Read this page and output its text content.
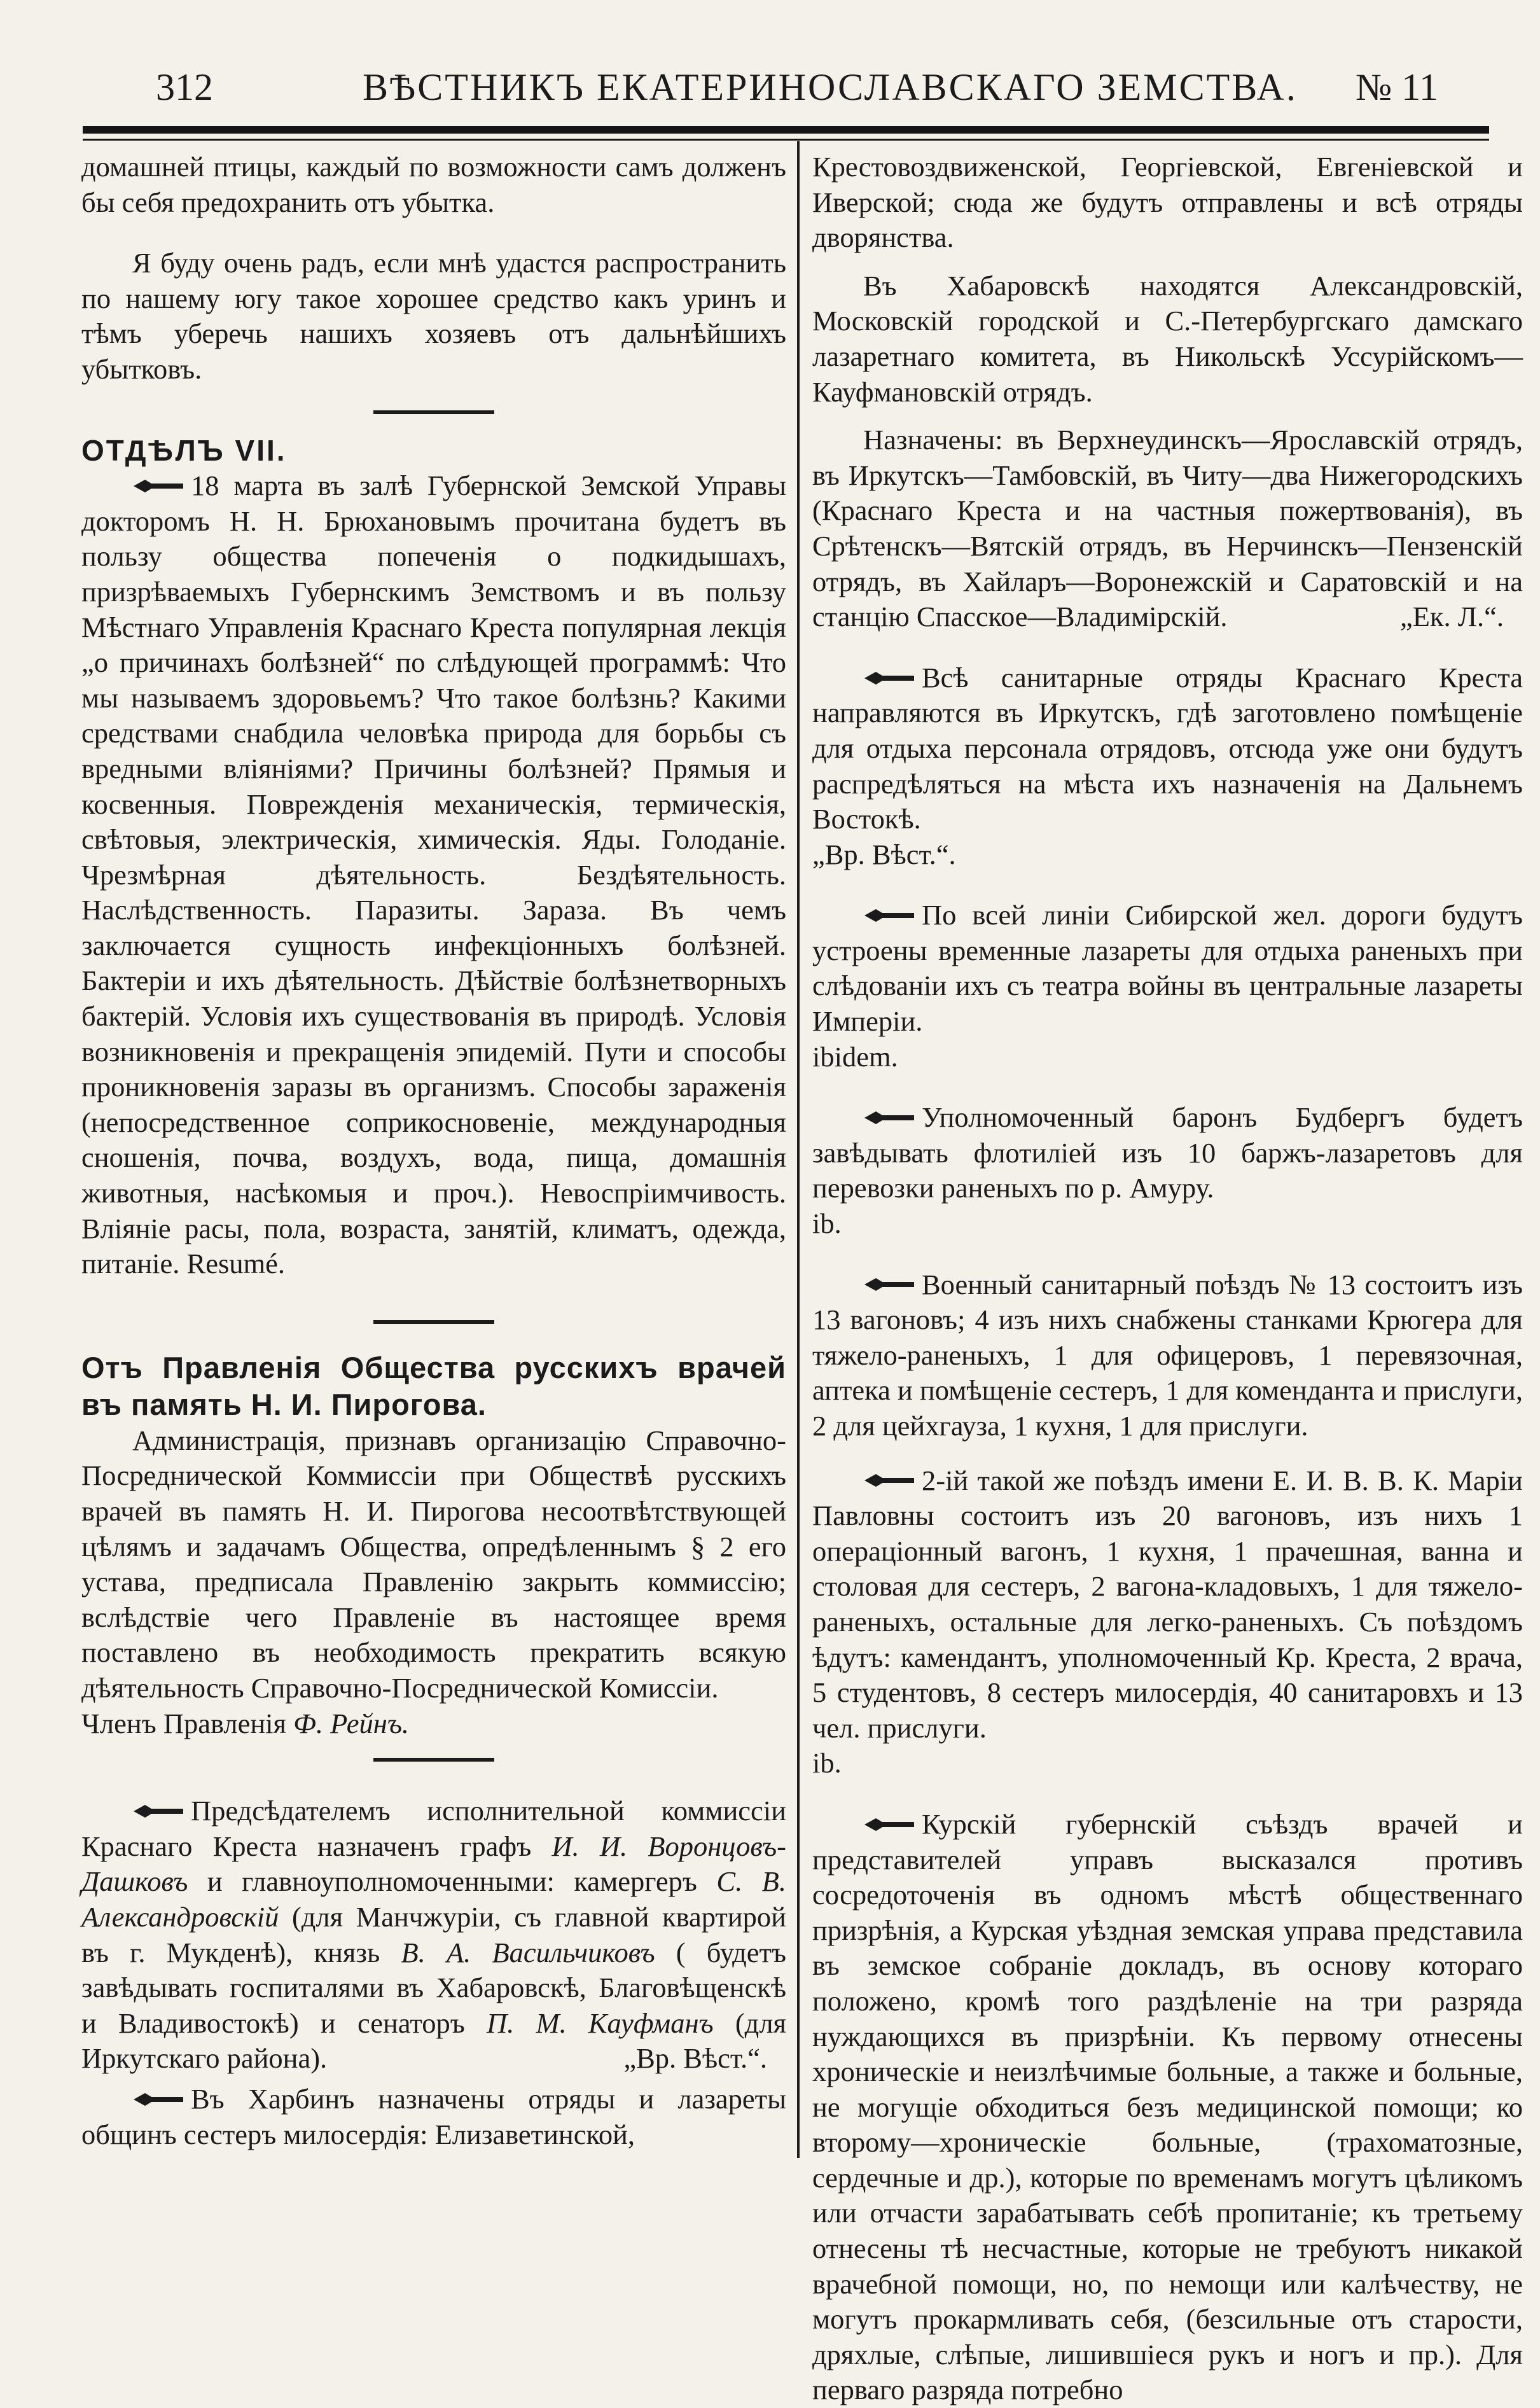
312	ВѢСТНИКЪ ЕКАТЕРИНОСЛАВСКАГО ЗЕМСТВА. № 11

домашней птицы, каждый по возможности самъ долженъ бы себя предохранить отъ убытка.

Я буду очень радъ, если мнѣ удастся распространить по нашему югу такое хорошее средство какъ уринъ и тѣмъ уберечь нашихъ хозяевъ отъ дальнѣйшихъ убытковъ.

ОТДѢЛЪ VII.

18 марта въ залѣ Губернской Земской Управы докторомъ Н. Н. Брюхановымъ прочитана будетъ въ пользу общества попеченія о подкидышахъ, призрѣваемыхъ Губернскимъ Земствомъ и въ пользу Мѣстнаго Управленія Краснаго Креста популярная лекція „о причинахъ болѣзней“ по слѣдующей программѣ: Что мы называемъ здоровьемъ? Что такое болѣзнь? Какими средствами снабдила человѣка природа для борьбы съ вредными вліяніями? Причины болѣзней? Прямыя и косвенныя. Поврежденія механическія, термическія, свѣтовыя, электрическія, химическія. Яды. Голоданіе. Чрезмѣрная дѣятельность. Бездѣятельность. Наслѣдственность. Паразиты. Зараза. Въ чемъ заключается сущность инфекціонныхъ болѣзней. Бактеріи и ихъ дѣятельность. Дѣйствіе болѣзнетворныхъ бактерій. Условія ихъ существованія въ природѣ. Условія возникновенія и прекращенія эпидемій. Пути и способы проникновенія заразы въ организмъ. Способы зараженія (непосредственное соприкосновеніе, международныя сношенія, почва, воздухъ, вода, пища, домашнія животныя, насѣкомыя и проч.). Невоспріимчивость. Вліяніе расы, пола, возраста, занятій, климатъ, одежда, питаніе. Resumé.

Отъ Правленія Общества русскихъ врачей въ память Н. И. Пирогова.

Администрація, признавъ организацію Справочно-Посреднической Коммиссіи при Обществѣ русскихъ врачей въ память Н. И. Пирогова несоотвѣтствующей цѣлямъ и задачамъ Общества, опредѣленнымъ § 2 его устава, предписала Правленію закрыть коммиссію; вслѣдствіе чего Правленіе въ настоящее время поставлено въ необходимость прекратить всякую дѣятельность Справочно-Посреднической Комиссіи.

Членъ Правленія Ф. Рейнъ.

Предсѣдателемъ исполнительной коммиссіи Краснаго Креста назначенъ графъ И. И. Воронцовъ-Дашковъ и главноуполномоченными: камергеръ С. В. Александровскій (для Манчжуріи, съ главной квартирой въ г. Мукденѣ), князь В. А. Васильчиковъ ( будетъ завѣдывать госпиталями въ Хабаровскѣ, Благовѣщенскѣ и Владивостокѣ) и сенаторъ П. М. Кауфманъ (для Иркутскаго района).	„Вр. Вѣст.“.

Въ Харбинъ назначены отряды и лазареты общинъ сестеръ милосердія: Елизаветинской,

Крестовоздвиженской, Георгіевской, Евгеніевской и Иверской; сюда же будутъ отправлены и всѣ отряды дворянства.

Въ Хабаровскѣ находятся Александровскій, Московскій городской и С.-Петербургскаго дамскаго лазаретнаго комитета, въ Никольскѣ Уссурійскомъ—Кауфмановскій отрядъ.

Назначены: въ Верхнеудинскъ—Ярославскій отрядъ, въ Иркутскъ—Тамбовскій, въ Читу—два Нижегородскихъ (Краснаго Креста и на частныя пожертвованія), въ Срѣтенскъ—Вятскій отрядъ, въ Нерчинскъ—Пензенскій отрядъ, въ Хайларъ—Воронежскій и Саратовскій и на станцію Спасское—Владимірскій.	„Ек. Л.“.

Всѣ санитарные отряды Краснаго Креста направляются въ Иркутскъ, гдѣ заготовлено помѣщеніе для отдыха персонала отрядовъ, отсюда уже они будутъ распредѣляться на мѣста ихъ назначенія на Дальнемъ Востокѣ.

„Вр. Вѣст.“.

По всей линіи Сибирской жел. дороги будутъ устроены временные лазареты для отдыха раненыхъ при слѣдованіи ихъ съ театра войны въ центральные лазареты Имперіи.

ibidem.

Уполномоченный баронъ Будбергъ будетъ завѣдывать флотиліей изъ 10 баржъ-лазаретовъ для перевозки раненыхъ по р. Амуру.

ib.

Военный санитарный поѣздъ № 13 состоитъ изъ 13 вагоновъ; 4 изъ нихъ снабжены станками Крюгера для тяжело-раненыхъ, 1 для офицеровъ, 1 перевязочная, аптека и помѣщеніе сестеръ, 1 для коменданта и прислуги, 2 для цейхгауза, 1 кухня, 1 для прислуги.

2-ій такой же поѣздъ имени Е. И. В. В. К. Маріи Павловны состоитъ изъ 20 вагоновъ, изъ нихъ 1 операціонный вагонъ, 1 кухня, 1 прачешная, ванна и столовая для сестеръ, 2 вагона-кладовыхъ, 1 для тяжело-раненыхъ, остальные для легко-раненыхъ. Съ поѣздомъ ѣдутъ: камендантъ, уполномоченный Кр. Креста, 2 врача, 5 студентовъ, 8 сестеръ милосердія, 40 санитаровхъ и 13 чел. прислуги.

ib.

Курскій губернскій съѣздъ врачей и представителей управъ высказался противъ сосредоточенія въ одномъ мѣстѣ общественнаго призрѣнія, а Курская уѣздная земская управа представила въ земское собраніе докладъ, въ основу котораго положено, кромѣ того раздѣленіе на три разряда нуждающихся въ призрѣніи. Къ первому отнесены хроническіе и неизлѣчимые больные, а также и больные, не могущіе обходиться безъ медицинской помощи; ко второму—хроническіе больные, (трахоматозные, сердечные и др.), которые по временамъ могутъ цѣликомъ или отчасти зарабатывать себѣ пропитаніе; къ третьему отнесены тѣ несчастные, которые не требуютъ никакой врачебной помощи, но, по немощи или калѣчеству, не могутъ прокармливать себя, (безсильные отъ старости, дряхлые, слѣпые, лишившіеся рукъ и ногъ и пр.). Для перваго разряда потребно
